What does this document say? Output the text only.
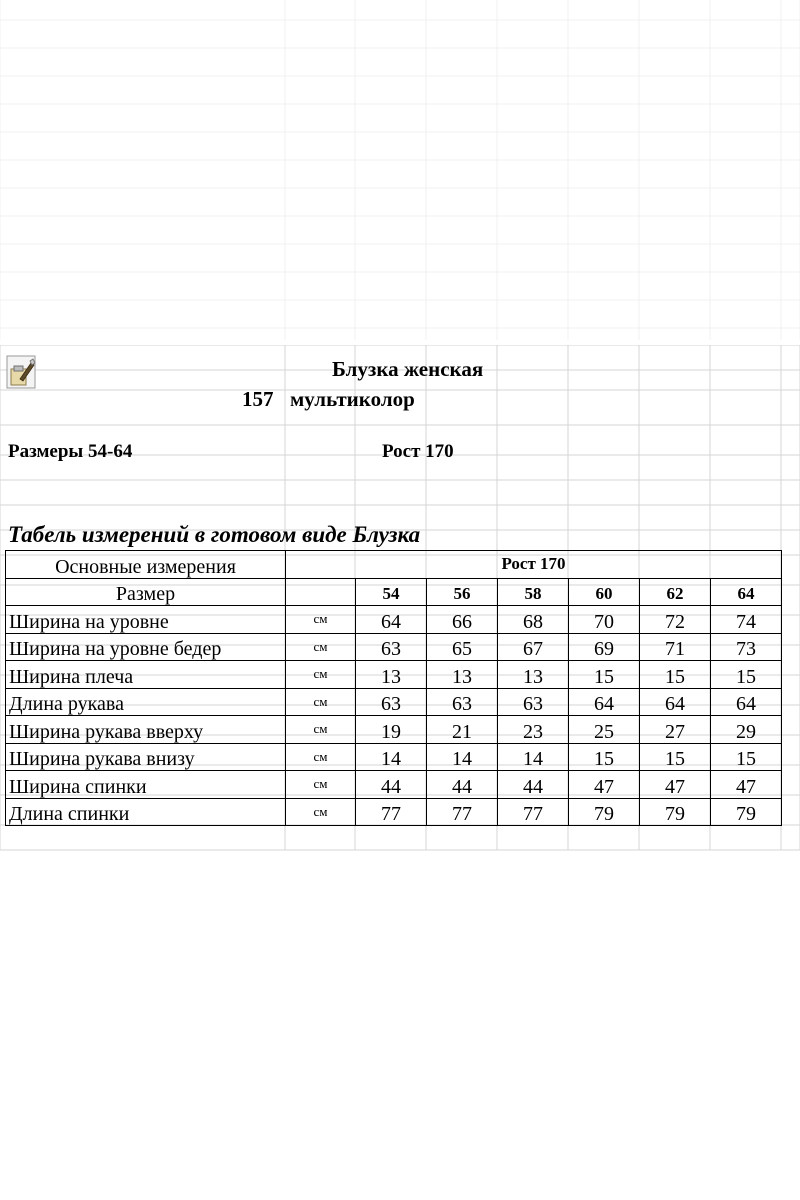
Блузка женская
157 мультиколор
Размеры 54-64	Рост 170
Табель измерений в готовом виде Блузка
Основные измерения	Рост 170						
Размер		54	56	58	60	62	64
Ширина на уровне	см	64	66	68	70	72	74
Ширина на уровне бедер	см	63	65	67	69	71	73
Ширина плеча	см	13	13	13	15	15	15
Длина рукава	см	63	63	63	64	64	64
Ширина рукава вверху	см	19	21	23	25	27	29
Ширина рукава внизу	см	14	14	14	15	15	15
Ширина спинки	см	44	44	44	47	47	47
Длина спинки	см	77	77	77	79	79	79
